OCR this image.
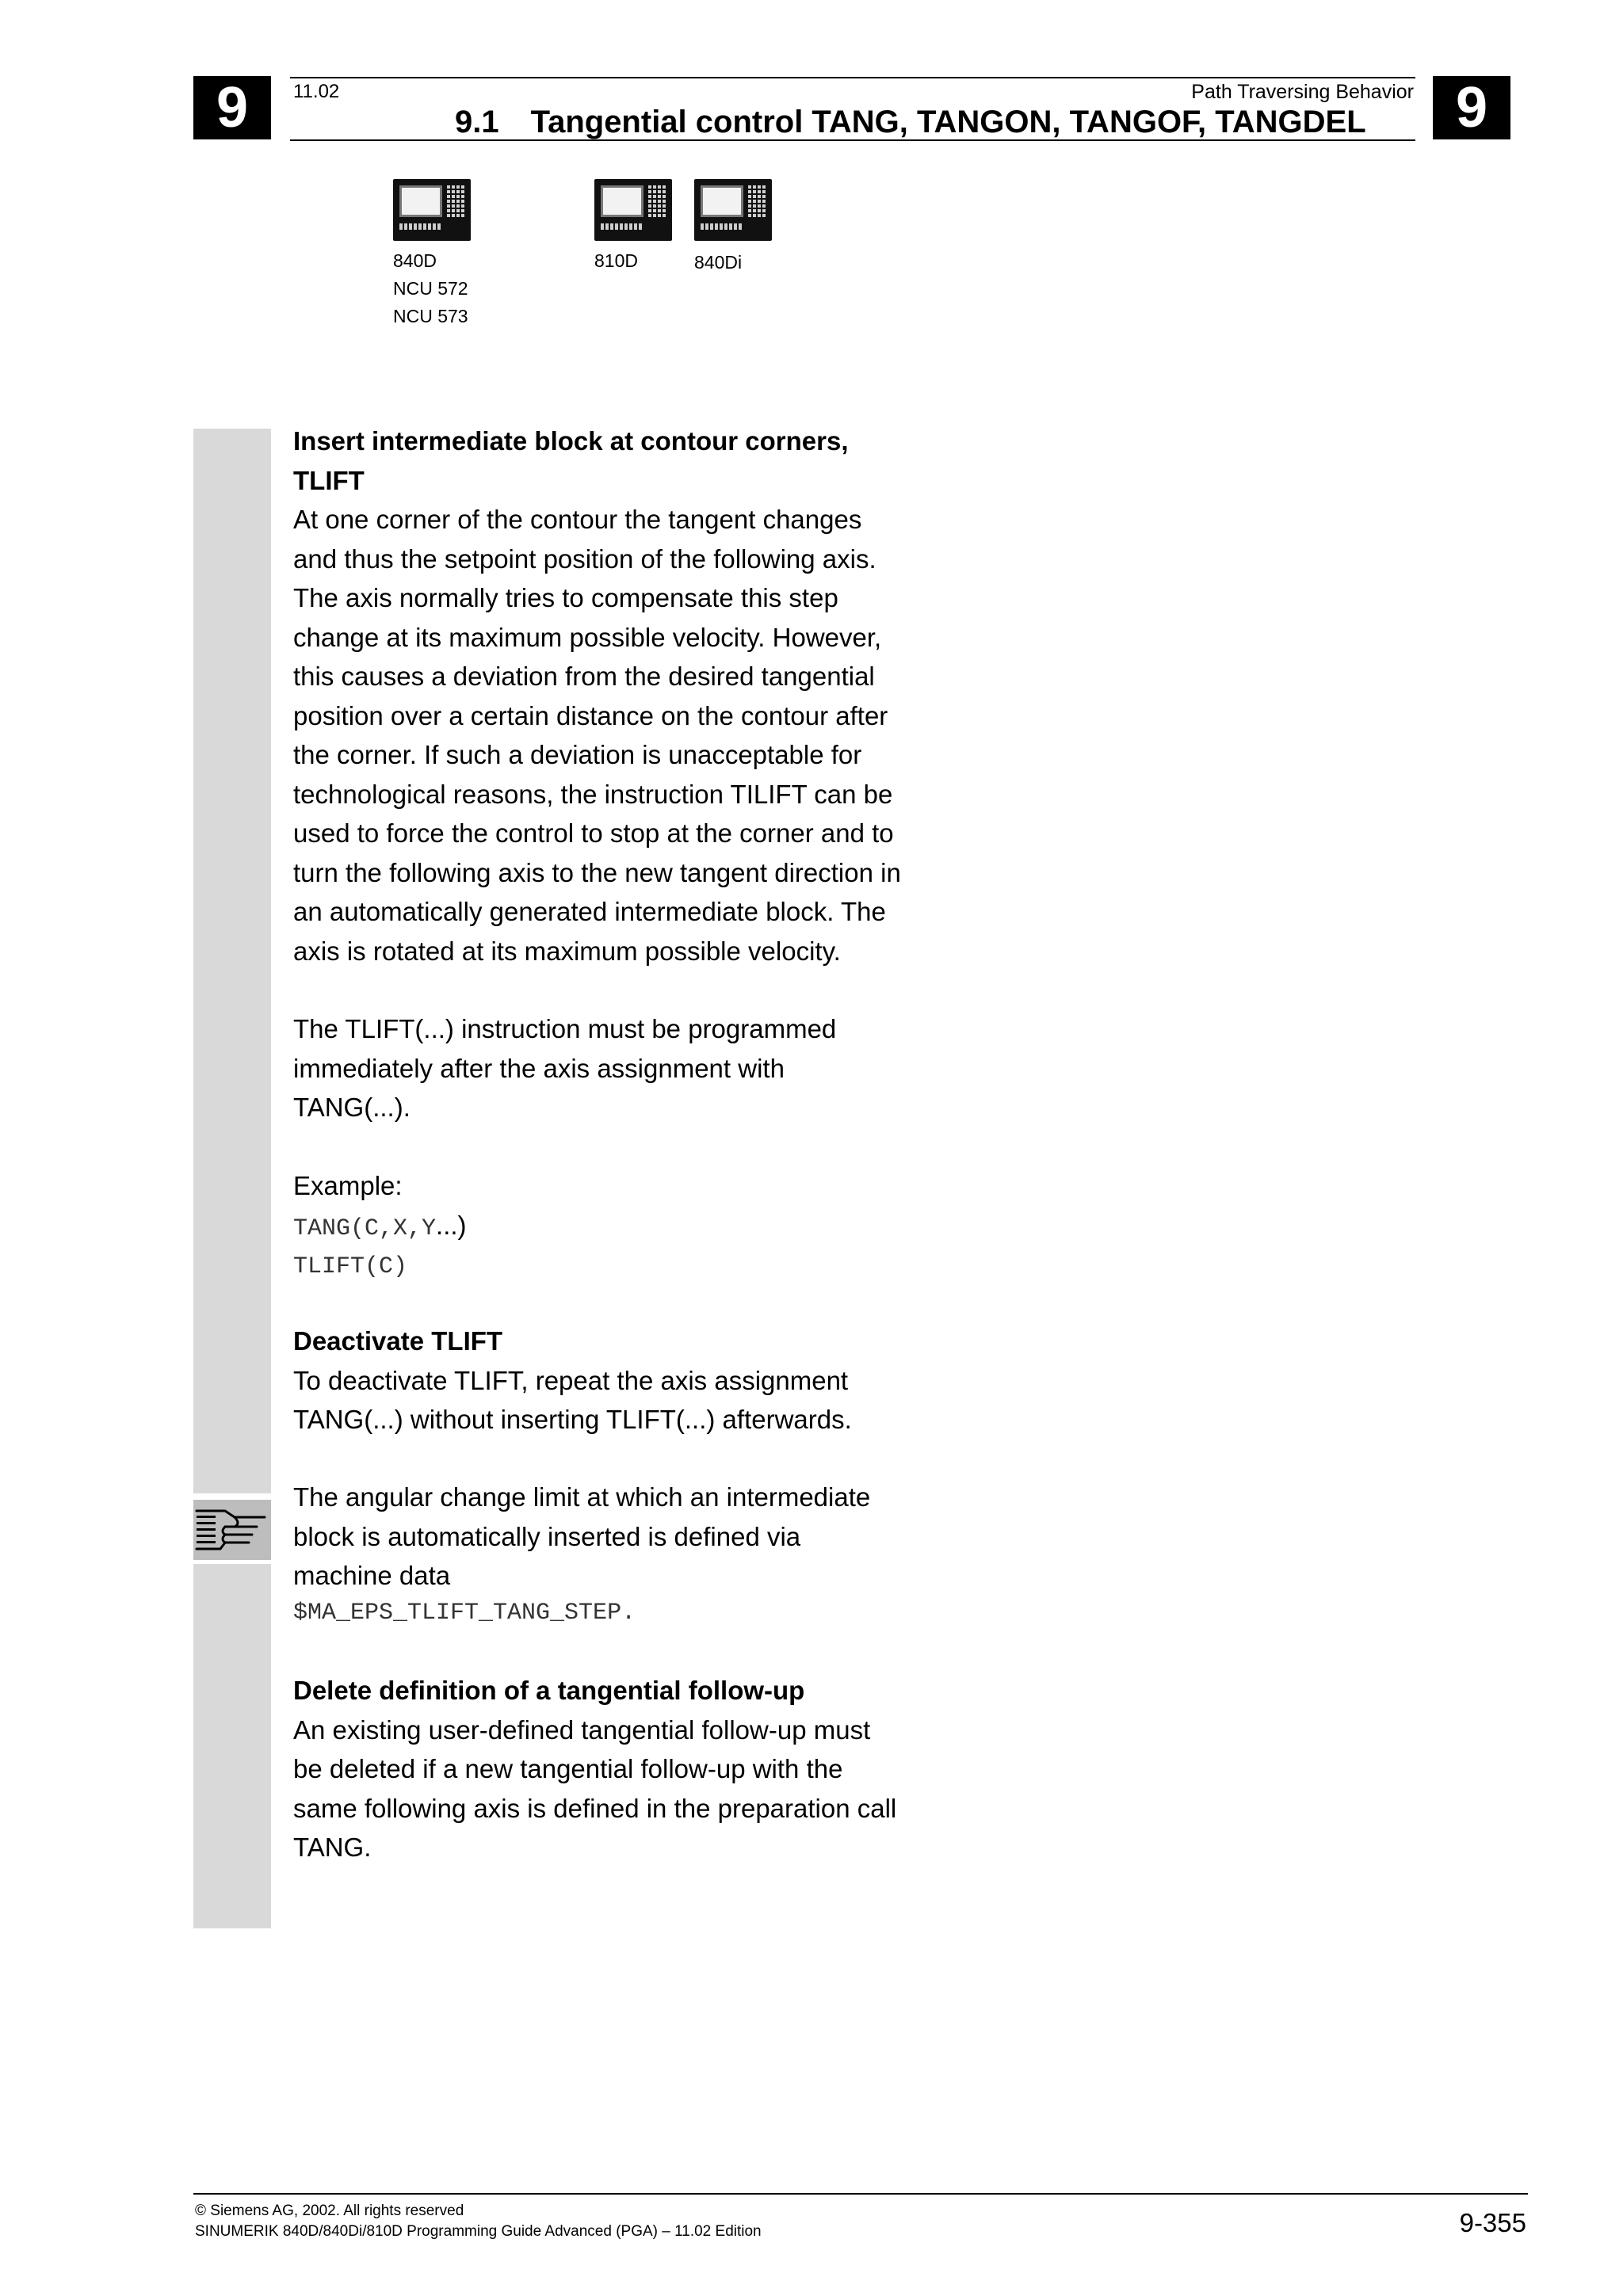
9	9
11.02	Path Traversing Behavior
9.1 Tangential control TANG, TANGON, TANGOF, TANGDEL
840D
NCU 572
NCU 573
810D	840Di
Insert intermediate block at contour corners,
TLIFT
At one corner of the contour the tangent changes
and thus the setpoint position of the following axis.
The axis normally tries to compensate this step
change at its maximum possible velocity. However,
this causes a deviation from the desired tangential
position over a certain distance on the contour after
the corner. If such a deviation is unacceptable for
technological reasons, the instruction TILIFT can be
used to force the control to stop at the corner and to
turn the following axis to the new tangent direction in
an automatically generated intermediate block. The
axis is rotated at its maximum possible velocity.
The TLIFT(...) instruction must be programmed
immediately after the axis assignment with
TANG(...).
Example:
TANG(C,X,Y...)
TLIFT(C)
Deactivate TLIFT
To deactivate TLIFT, repeat the axis assignment
TANG(...) without inserting TLIFT(...) afterwards.
The angular change limit at which an intermediate
block is automatically inserted is defined via
machine data
$MA_EPS_TLIFT_TANG_STEP.
Delete definition of a tangential follow-up
An existing user-defined tangential follow-up must
be deleted if a new tangential follow-up with the
same following axis is defined in the preparation call
TANG.
© Siemens AG, 2002. All rights reserved
SINUMERIK 840D/840Di/810D Programming Guide Advanced (PGA) – 11.02 Edition	9-355
